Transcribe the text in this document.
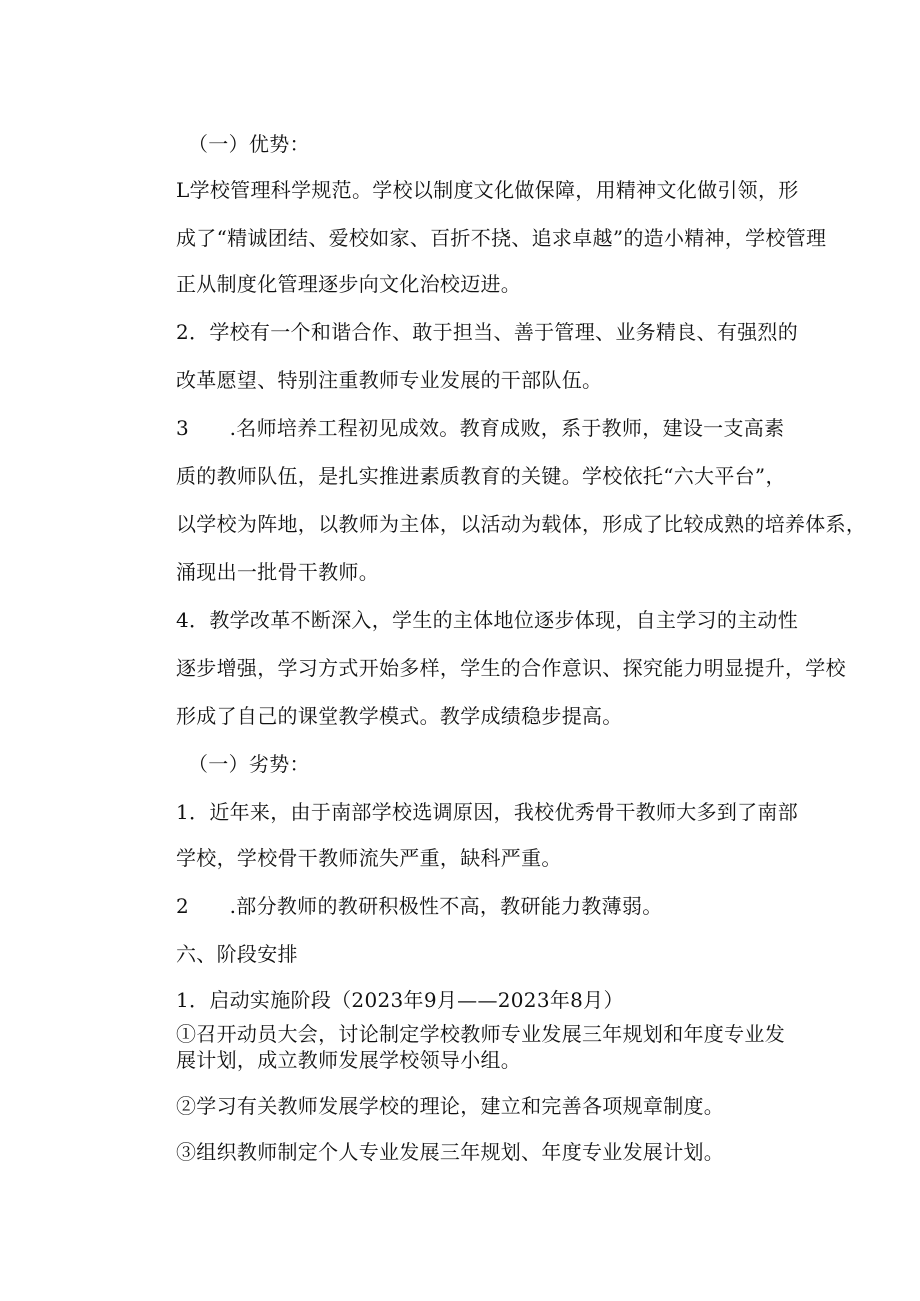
（一）优势：
L学校管理科学规范。学校以制度文化做保障，用精神文化做引领，形
成了“精诚团结、爱校如家、百折不挠、追求卓越”的造小精神，学校管理
正从制度化管理逐步向文化治校迈进。
2．学校有一个和谐合作、敢于担当、善于管理、业务精良、有强烈的
改革愿望、特别注重教师专业发展的干部队伍。
3　　.名师培养工程初见成效。教育成败，系于教师，建设一支高素
质的教师队伍，是扎实推进素质教育的关键。学校依托“六大平台”，
以学校为阵地，以教师为主体，以活动为载体，形成了比较成熟的培养体系，
涌现出一批骨干教师。
4．教学改革不断深入，学生的主体地位逐步体现，自主学习的主动性
逐步增强，学习方式开始多样，学生的合作意识、探究能力明显提升，学校
形成了自己的课堂教学模式。教学成绩稳步提高。
（一）劣势：
1．近年来，由于南部学校选调原因，我校优秀骨干教师大多到了南部
学校，学校骨干教师流失严重，缺科严重。
2　　.部分教师的教研积极性不高，教研能力教薄弱。
六、阶段安排
1．启动实施阶段（2023年9月——2023年8月）
①召开动员大会，讨论制定学校教师专业发展三年规划和年度专业发
展计划，成立教师发展学校领导小组。
②学习有关教师发展学校的理论，建立和完善各项规章制度。
③组织教师制定个人专业发展三年规划、年度专业发展计划。
